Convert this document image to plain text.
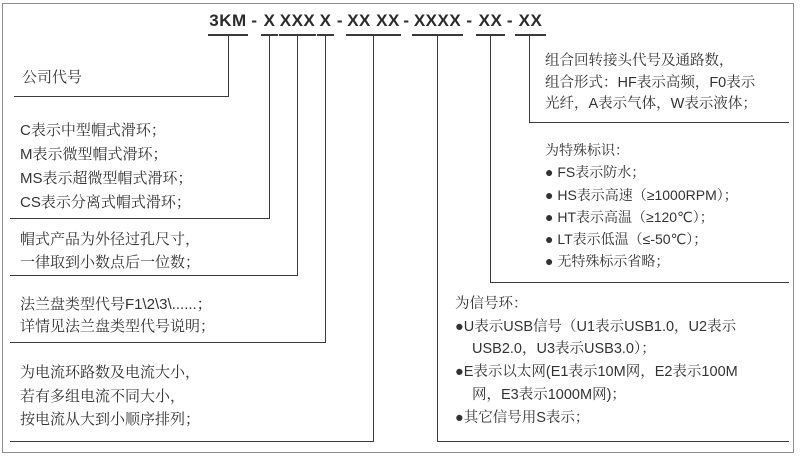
3KM - X XXX X - XX XX - XXXX - XX - XX
公司代号
C表示中型帽式滑环；
M表示微型帽式滑环；
MS表示超微型帽式滑环；
CS表示分离式帽式滑环；
帽式产品为外径过孔尺寸，
一律取到小数点后一位数；
法兰盘类型代号F1\2\3\......；
详情见法兰盘类型代号说明；
为电流环路数及电流大小，
若有多组电流不同大小，
按电流从大到小顺序排列；
组合回转接头代号及通路数，
组合形式：HF表示高频，F0表示
光纤，A表示气体，W表示液体；
为特殊标识：
● FS表示防水；
● HS表示高速（≥1000RPM）；
● HT表示高温（≥120℃）；
● LT表示低温（≤-50℃）；
● 无特殊标示省略；
为信号环：
●U表示USB信号（U1表示USB1.0，U2表示
USB2.0，U3表示USB3.0）；
●E表示以太网(E1表示10M网，E2表示100M
网，E3表示1000M网)；
●其它信号用S表示；
